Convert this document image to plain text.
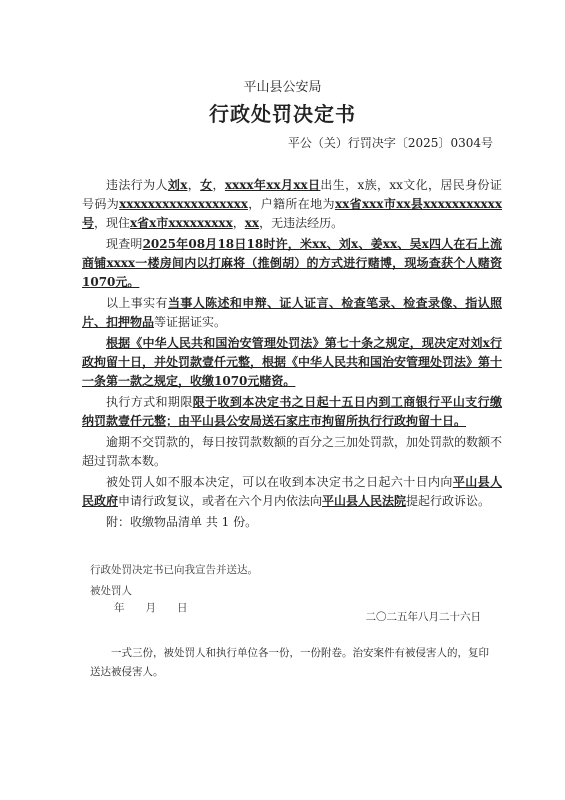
平山县公安局
行政处罚决定书
平公（关）行罚决字〔2025〕0304号

违法行为人刘x，女，xxxx年xx月xx日出生，x族，xx文化，居民身份证号码为xxxxxxxxxxxxxxxxxx，户籍所在地为xx省xxx市xx县xxxxxxxxxxx号，现住x省x市xxxxxxxxx，xx，无违法经历。

现查明2025年08月18日18时许，米xx、刘x、姜xx、吴x四人在石上流商铺xxxx一楼房间内以打麻将（推倒胡）的方式进行赌博，现场查获个人赌资1070元。

以上事实有当事人陈述和申辩、证人证言、检查笔录、检查录像、指认照片、扣押物品等证据证实。

根据《中华人民共和国治安管理处罚法》第七十条之规定，现决定对刘x行政拘留十日，并处罚款壹仟元整，根据《中华人民共和国治安管理处罚法》第十一条第一款之规定，收缴1070元赌资。

执行方式和期限限于收到本决定书之日起十五日内到工商银行平山支行缴纳罚款壹仟元整；由平山县公安局送石家庄市拘留所执行行政拘留十日。

逾期不交罚款的，每日按罚款数额的百分之三加处罚款，加处罚款的数额不超过罚款本数。

被处罚人如不服本决定，可以在收到本决定书之日起六十日内向平山县人民政府申请行政复议，或者在六个月内依法向平山县人民法院提起行政诉讼。

附：收缴物品清单 共 1 份。

行政处罚决定书已向我宣告并送达。
被处罚人
年　　月　　日
二〇二五年八月二十六日
一式三份，被处罚人和执行单位各一份，一份附卷。治安案件有被侵害人的，复印送达被侵害人。
